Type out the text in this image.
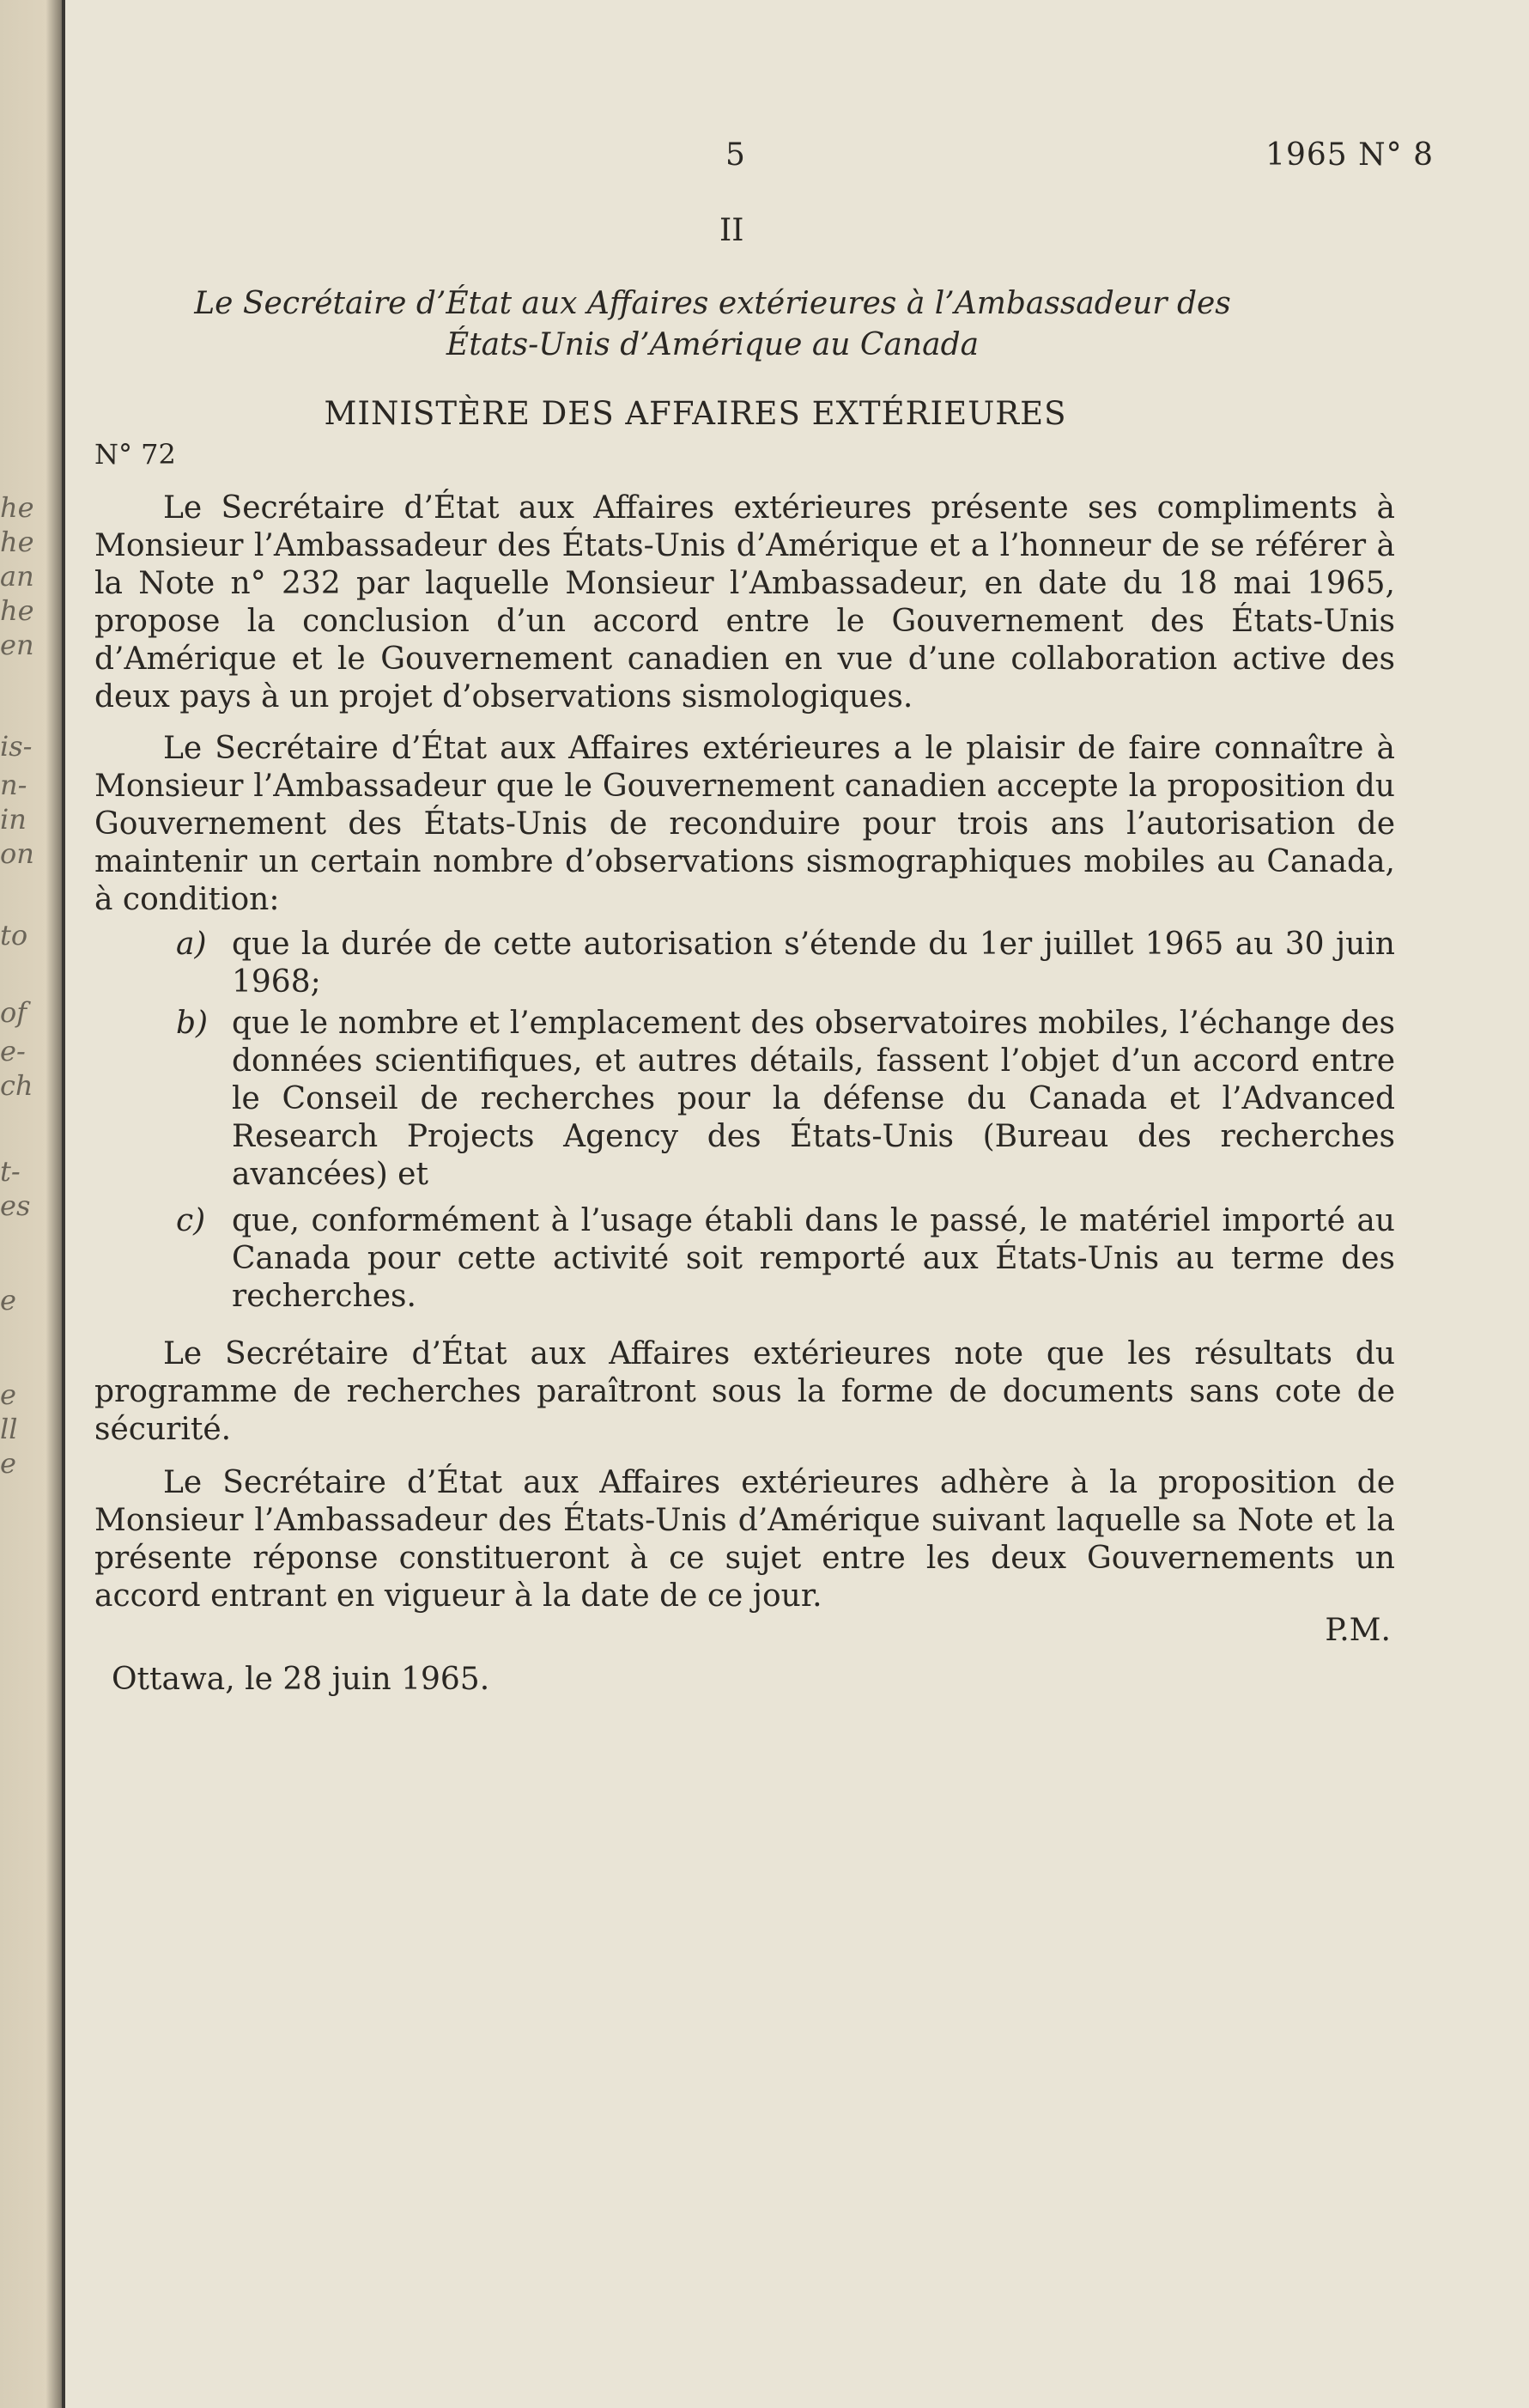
he
he
an
he
en
is-
n-
in
on
to
of
e-
ch
t-
es
e
e
ll
e
5	1965 N° 8
II
Le Secrétaire d’État aux Affaires extérieures à l’Ambassadeur des
États-Unis d’Amérique au Canada
MINISTÈRE DES AFFAIRES EXTÉRIEURES
N° 72

Le Secrétaire d’État aux Affaires extérieures présente ses compliments à Monsieur l’Ambassadeur des États-Unis d’Amérique et a l’honneur de se référer à la Note n° 232 par laquelle Monsieur l’Ambassadeur, en date du 18 mai 1965, propose la conclusion d’un accord entre le Gouvernement des États-Unis d’Amérique et le Gouvernement canadien en vue d’une collaboration active des deux pays à un projet d’observations sismologiques.

Le Secrétaire d’État aux Affaires extérieures a le plaisir de faire connaître à Monsieur l’Ambassadeur que le Gouvernement canadien accepte la proposition du Gouvernement des États-Unis de reconduire pour trois ans l’autorisation de maintenir un certain nombre d’observations sismographiques mobiles au Canada, à condition:

a) que la durée de cette autorisation s’étende du 1er juillet 1965 au 30 juin 1968;
b) que le nombre et l’emplacement des observatoires mobiles, l’échange des données scientifiques, et autres détails, fassent l’objet d’un accord entre le Conseil de recherches pour la défense du Canada et l’Advanced Research Projects Agency des États-Unis (Bureau des recherches avancées) et
c) que, conformément à l’usage établi dans le passé, le matériel importé au Canada pour cette activité soit remporté aux États-Unis au terme des recherches.

Le Secrétaire d’État aux Affaires extérieures note que les résultats du programme de recherches paraîtront sous la forme de documents sans cote de sécurité.

Le Secrétaire d’État aux Affaires extérieures adhère à la proposition de Monsieur l’Ambassadeur des États-Unis d’Amérique suivant laquelle sa Note et la présente réponse constitueront à ce sujet entre les deux Gouvernements un accord entrant en vigueur à la date de ce jour.

P.M.
Ottawa, le 28 juin 1965.
